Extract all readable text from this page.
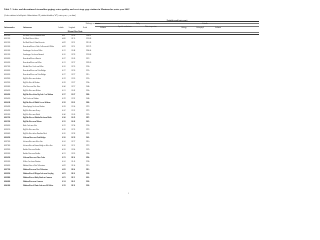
Table 7. Active and discontinued streamflow-gaging, water-quality, and crest-stage gage stations in Montana for water year 2007.
[Active stations in bold print. Abbreviations: ID, station identifier; WY, water year; --, no data]
Period of record (water years)
Discharge or estimates	Daily	Periodic
Station number	Station name	Latitude	Longitude	Period	Sediment
Specific conductance	Water temperature
Biology	Chlorophyll	Sediment
Missouri River Basin
06012000	Red Rock Creek at Southeast Oden	44 8	112 09	1946-51
06012500	Red Rock River at Lakes	44 36	111 53	1935-96
06012500	Red Rock River bl Lima Reservoir	44 39	112 21	1911-38
06013000	Beaverhead River at Clark Cn Reservoir bl Dillon	44 59	112 51	1907-73
06015000	Grasshopper Creek near Dillon	45 12	112 48	1904-14
06015500	Grasshopper Creek near Bannack	45 10	112 59	1935-96
06016000	Beaverhead River at Barretts	45 07	112 45	1907-
06016500	Beaverhead River near Dillon	45 13	112 37	1909-10
06017000	Blacktail Deer Creek near Dillon	45 10	112 35	1936-
06018000	Beaverhead River near Twin Bridges	45 27	112 26	1935-
06018500	Beaverhead River near Twin Bridges	45 27	112 27	1911-
06019000	Big Hole River near Jackson	45 19	113 20	1935-
06019500	Big Hole River bl Wisdom	45 38	113 27	1934-
06020600	Wise River near Wise River	45 46	112 57	1948-
06024020	Big Hole River near Melrose	45 31	112 42	1924-
06024450	Big Hole River below Big Lake Cr at Wisdom	45 37	113 27	1988-
06024500	Trail Creek near Wisdom	45 29	113 32	1948-
06024540	Big Hole River bl Mudd Cr near Wisdom	45 38	113 21	1988-
06024580	Warm Springs Creek near Wisdom	45 38	113 14	1997-
06024590	Big Hole River near Dewey	45 47	113 12	1997-
06025000	Big Hole River near Divide	45 46	112 45	1923-
06025250	Big Hole River at Maiden Rock near Divide	45 40	112 45	1997-
06025500	Big Hole River near Melrose	45 32	112 42	1923-
06026000	Birch Creek near Glen	45 22	112 34	1936-
06026210	Big Hole River near Glen	45 26	112 33	1997-
06026420	Big Hole River below Hamilton Ditch	45 30	112 28	1997-
06026500	Jefferson River near Twin Bridges	45 36	112 19	1941-
06027000	Jefferson River near Silver Star	45 41	112 17	1910-
06027600	Jefferson River at Parsons Bridge nr Silver Star	45 43	112 11	1997-
06029000	Boulder River near Boulder	46 18	112 04	1929-
06033000	Boulder River near Boulder	46 13	112 03	1984-
06034500	Jefferson River near Three Forks	45 53	111 36	1894-
06035000	Willow Creek near Harrison	45 41	111 43	1938-
06036000	Madison River at West Yellowstone	44 39	111 04	1913-
06037500	Madison River near West Yellowstone	44 39	111 04	1913-
06038500	Madison River bl Hebgen Lake near Grayling	44 52	111 20	1938-
06038800	Madison River at Kirby Ranch nr Cameron	44 53	111 35	2001-
06040000	Madison River near Cameron	45 14	111 45	1938-
06041000	Madison River bl Ennis Lake near McAllister	45 29	111 38	1938-
1
